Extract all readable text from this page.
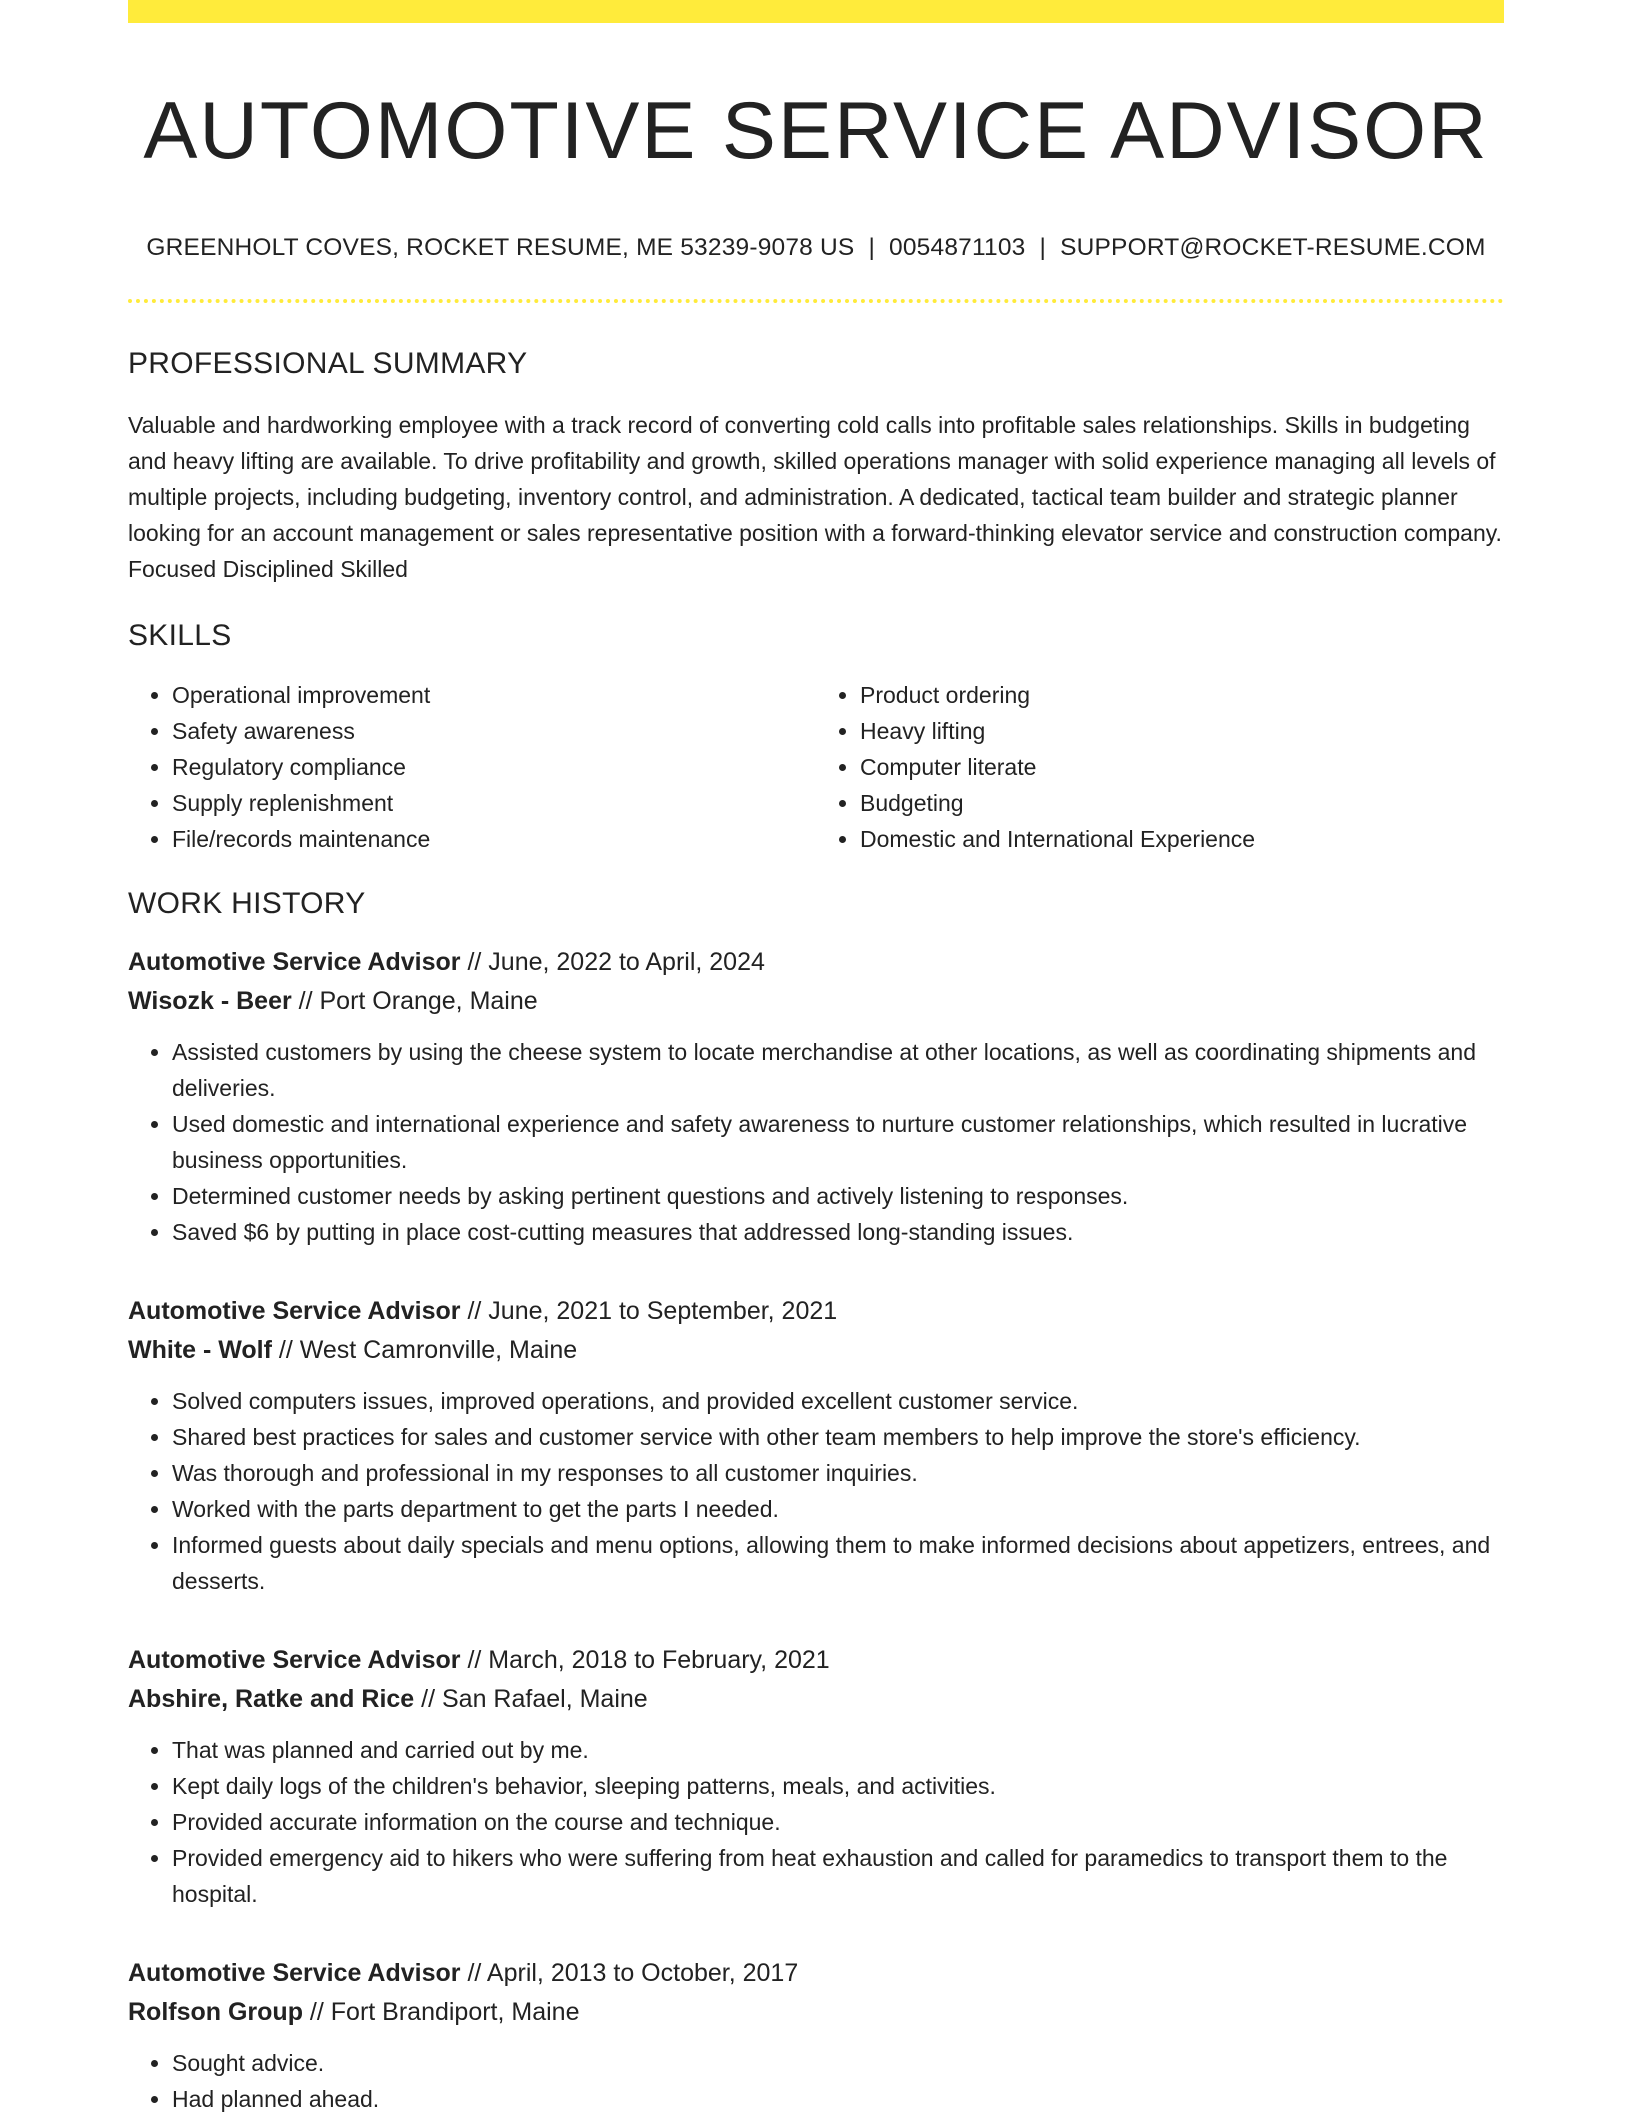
AUTOMOTIVE SERVICE ADVISOR
GREENHOLT COVES, ROCKET RESUME, ME 53239-9078 US | 0054871103 | SUPPORT@ROCKET-RESUME.COM
PROFESSIONAL SUMMARY
Valuable and hardworking employee with a track record of converting cold calls into profitable sales relationships. Skills in budgeting and heavy lifting are available. To drive profitability and growth, skilled operations manager with solid experience managing all levels of multiple projects, including budgeting, inventory control, and administration. A dedicated, tactical team builder and strategic planner looking for an account management or sales representative position with a forward-thinking elevator service and construction company. Focused Disciplined Skilled
SKILLS
• Operational improvement
• Safety awareness
• Regulatory compliance
• Supply replenishment
• File/records maintenance
• Product ordering
• Heavy lifting
• Computer literate
• Budgeting
• Domestic and International Experience
WORK HISTORY
Automotive Service Advisor // June, 2022 to April, 2024
Wisozk - Beer // Port Orange, Maine
• Assisted customers by using the cheese system to locate merchandise at other locations, as well as coordinating shipments and deliveries.
• Used domestic and international experience and safety awareness to nurture customer relationships, which resulted in lucrative business opportunities.
• Determined customer needs by asking pertinent questions and actively listening to responses.
• Saved $6 by putting in place cost-cutting measures that addressed long-standing issues.
Automotive Service Advisor // June, 2021 to September, 2021
White - Wolf // West Camronville, Maine
• Solved computers issues, improved operations, and provided excellent customer service.
• Shared best practices for sales and customer service with other team members to help improve the store's efficiency.
• Was thorough and professional in my responses to all customer inquiries.
• Worked with the parts department to get the parts I needed.
• Informed guests about daily specials and menu options, allowing them to make informed decisions about appetizers, entrees, and desserts.
Automotive Service Advisor // March, 2018 to February, 2021
Abshire, Ratke and Rice // San Rafael, Maine
• That was planned and carried out by me.
• Kept daily logs of the children's behavior, sleeping patterns, meals, and activities.
• Provided accurate information on the course and technique.
• Provided emergency aid to hikers who were suffering from heat exhaustion and called for paramedics to transport them to the hospital.
Automotive Service Advisor // April, 2013 to October, 2017
Rolfson Group // Fort Brandiport, Maine
• Sought advice.
• Had planned ahead.
